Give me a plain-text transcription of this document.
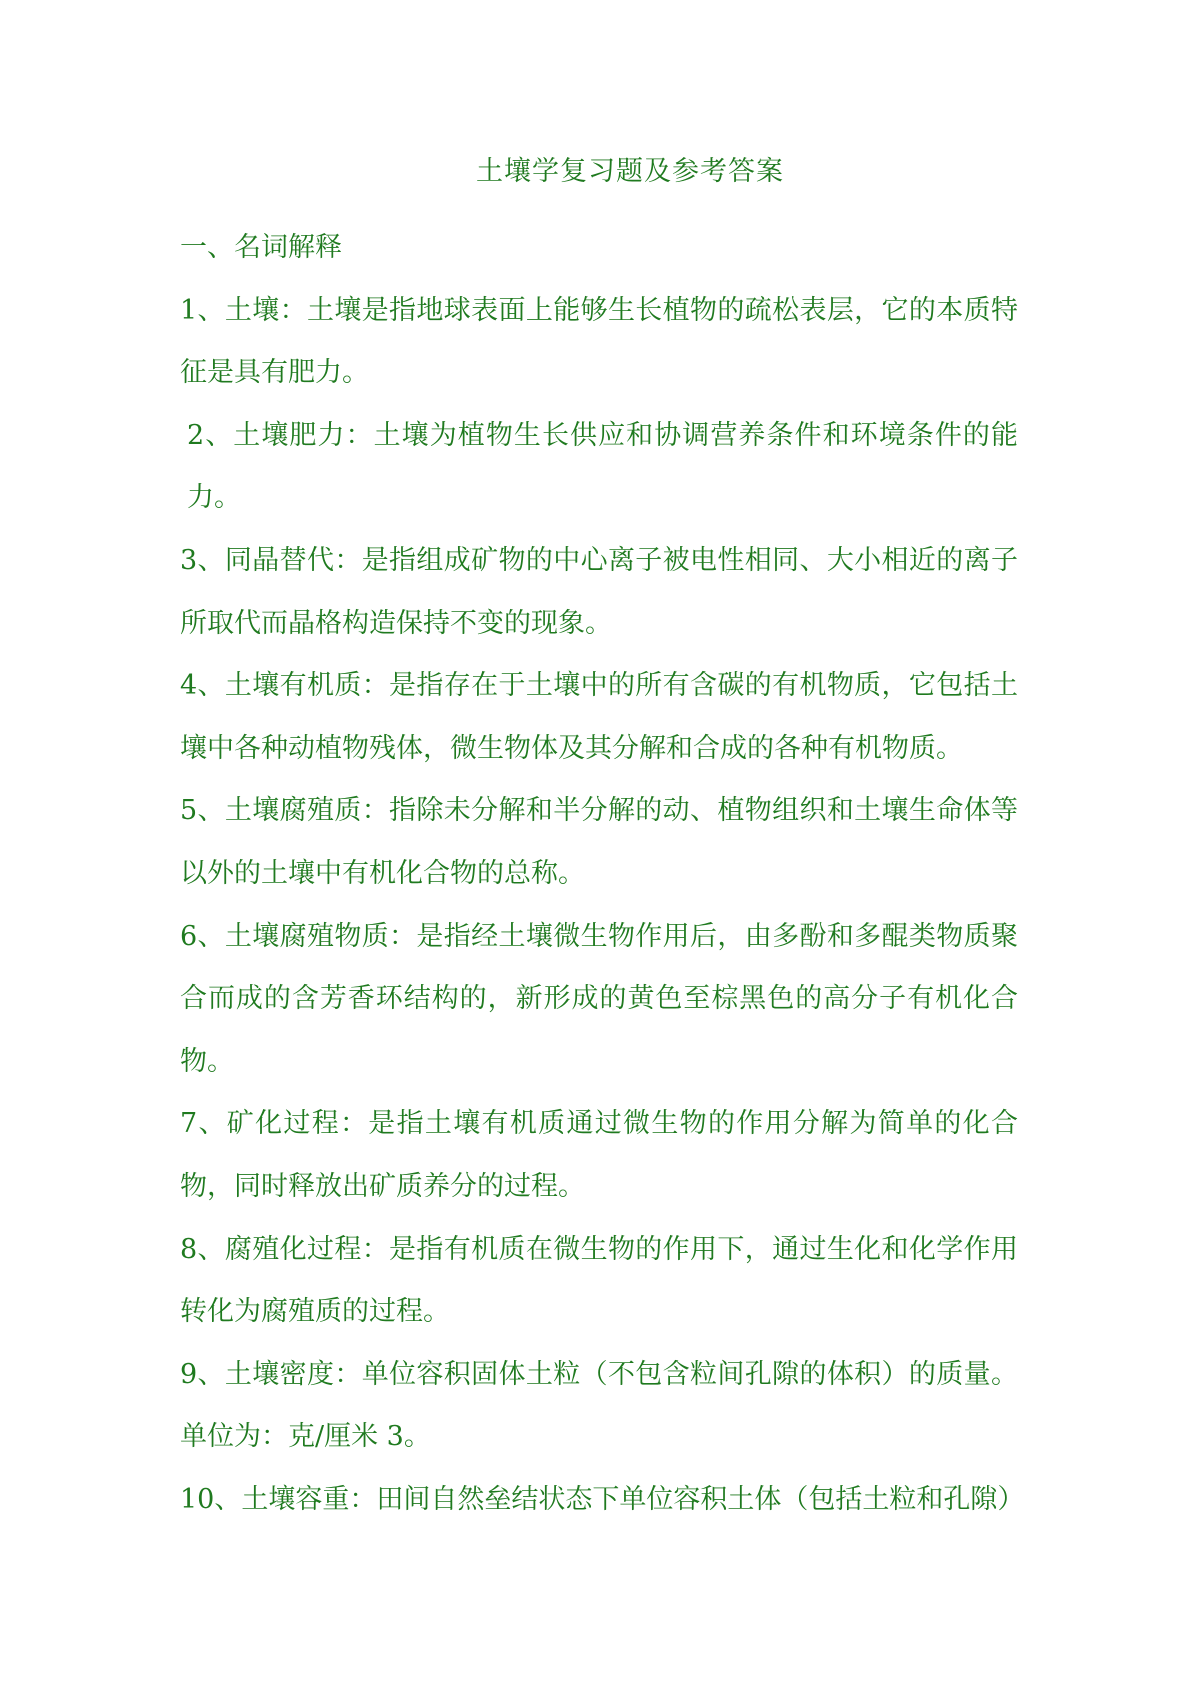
土壤学复习题及参考答案

一、名词解释

1、土壤：土壤是指地球表面上能够生长植物的疏松表层，它的本质特征是具有肥力。

2、土壤肥力：土壤为植物生长供应和协调营养条件和环境条件的能力。

3、同晶替代：是指组成矿物的中心离子被电性相同、大小相近的离子所取代而晶格构造保持不变的现象。

4、土壤有机质：是指存在于土壤中的所有含碳的有机物质，它包括土壤中各种动植物残体，微生物体及其分解和合成的各种有机物质。

5、土壤腐殖质：指除未分解和半分解的动、植物组织和土壤生命体等以外的土壤中有机化合物的总称。

6、土壤腐殖物质：是指经土壤微生物作用后，由多酚和多醌类物质聚合而成的含芳香环结构的，新形成的黄色至棕黑色的高分子有机化合物。

7、矿化过程：是指土壤有机质通过微生物的作用分解为简单的化合物，同时释放出矿质养分的过程。

8、腐殖化过程：是指有机质在微生物的作用下，通过生化和化学作用转化为腐殖质的过程。

9、土壤密度：单位容积固体土粒（不包含粒间孔隙的体积）的质量。单位为：克/厘米 3。

10、土壤容重：田间自然垒结状态下单位容积土体（包括土粒和孔隙）
